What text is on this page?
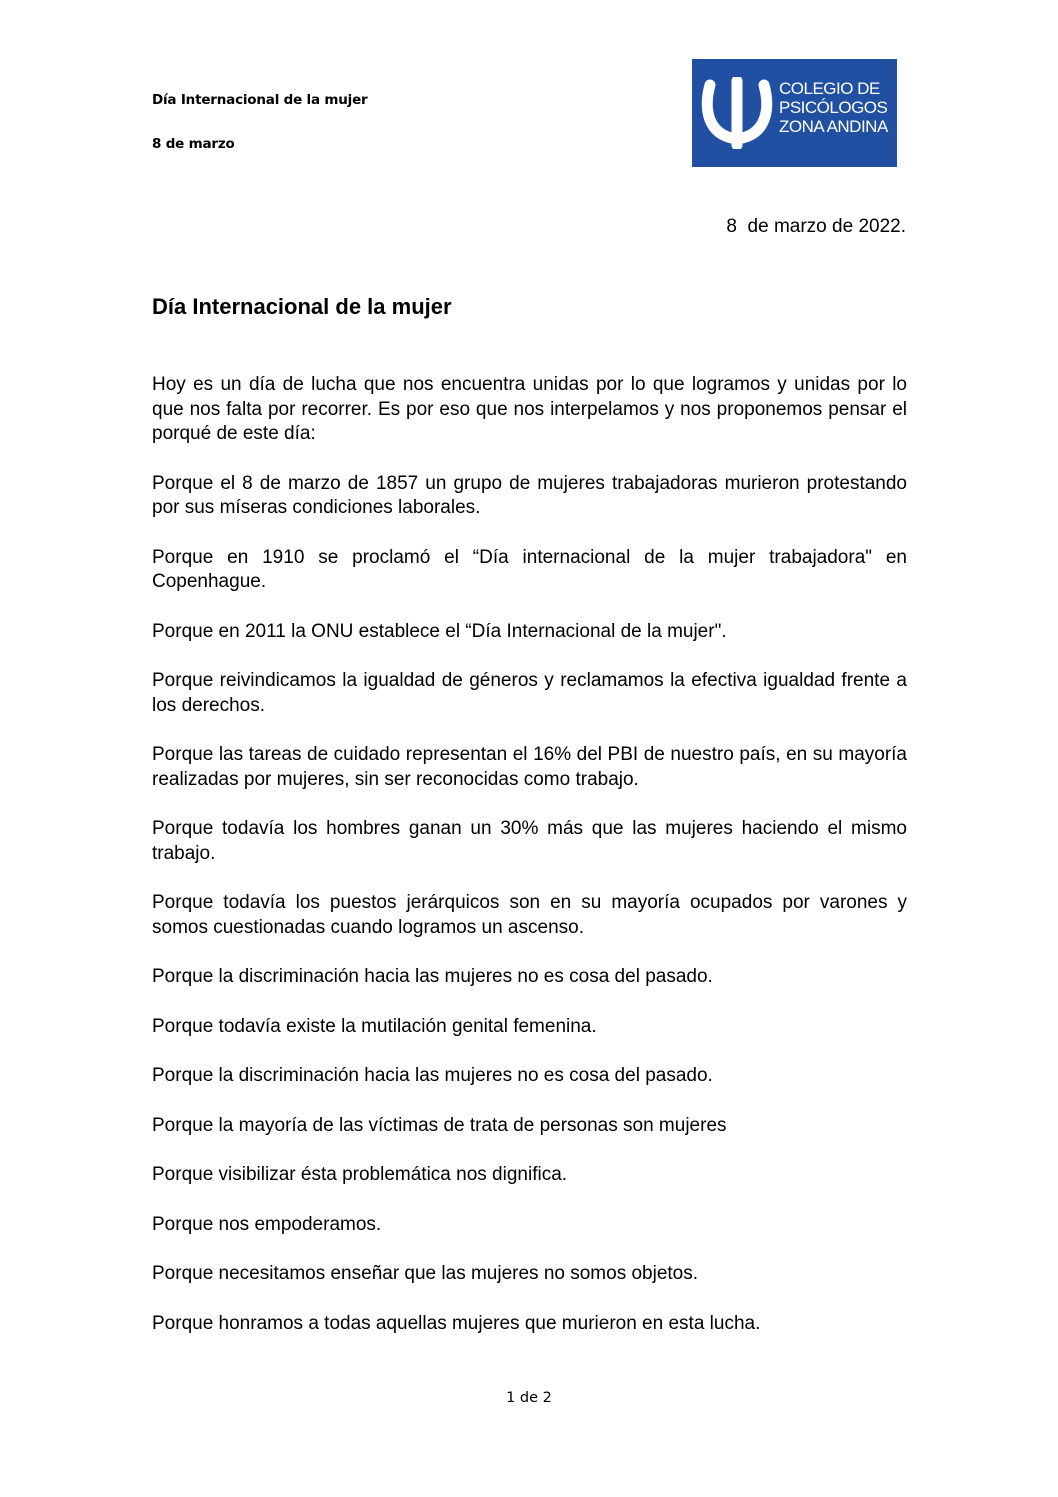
Día Internacional de la mujer
8 de marzo
COLEGIO DE
PSICÓLOGOS
ZONA ANDINA
8  de marzo de 2022.
Día Internacional de la mujer

Hoy es un día de lucha que nos encuentra unidas por lo que logramos y unidas por lo que nos falta por recorrer. Es por eso que nos interpelamos y nos proponemos pensar el porqué de este día:

Porque el 8 de marzo de 1857 un grupo de mujeres trabajadoras murieron protestando por sus míseras condiciones laborales.

Porque en 1910 se proclamó el “Día internacional de la mujer trabajadora" en Copenhague.

Porque en 2011 la ONU establece el “Día Internacional de la mujer".

Porque reivindicamos la igualdad de géneros y reclamamos la efectiva igualdad frente a los derechos.

Porque las tareas de cuidado representan el 16% del PBI de nuestro país, en su mayoría realizadas por mujeres, sin ser reconocidas como trabajo.

Porque todavía los hombres ganan un 30% más que las mujeres haciendo el mismo trabajo.

Porque todavía los puestos jerárquicos son en su mayoría ocupados por varones y somos cuestionadas cuando logramos un ascenso.

Porque la discriminación hacia las mujeres no es cosa del pasado.

Porque todavía existe la mutilación genital femenina.

Porque la discriminación hacia las mujeres no es cosa del pasado.

Porque la mayoría de las víctimas de trata de personas son mujeres

Porque visibilizar ésta problemática nos dignifica.

Porque nos empoderamos.

Porque necesitamos enseñar que las mujeres no somos objetos.

Porque honramos a todas aquellas mujeres que murieron en esta lucha.

1 de 2
